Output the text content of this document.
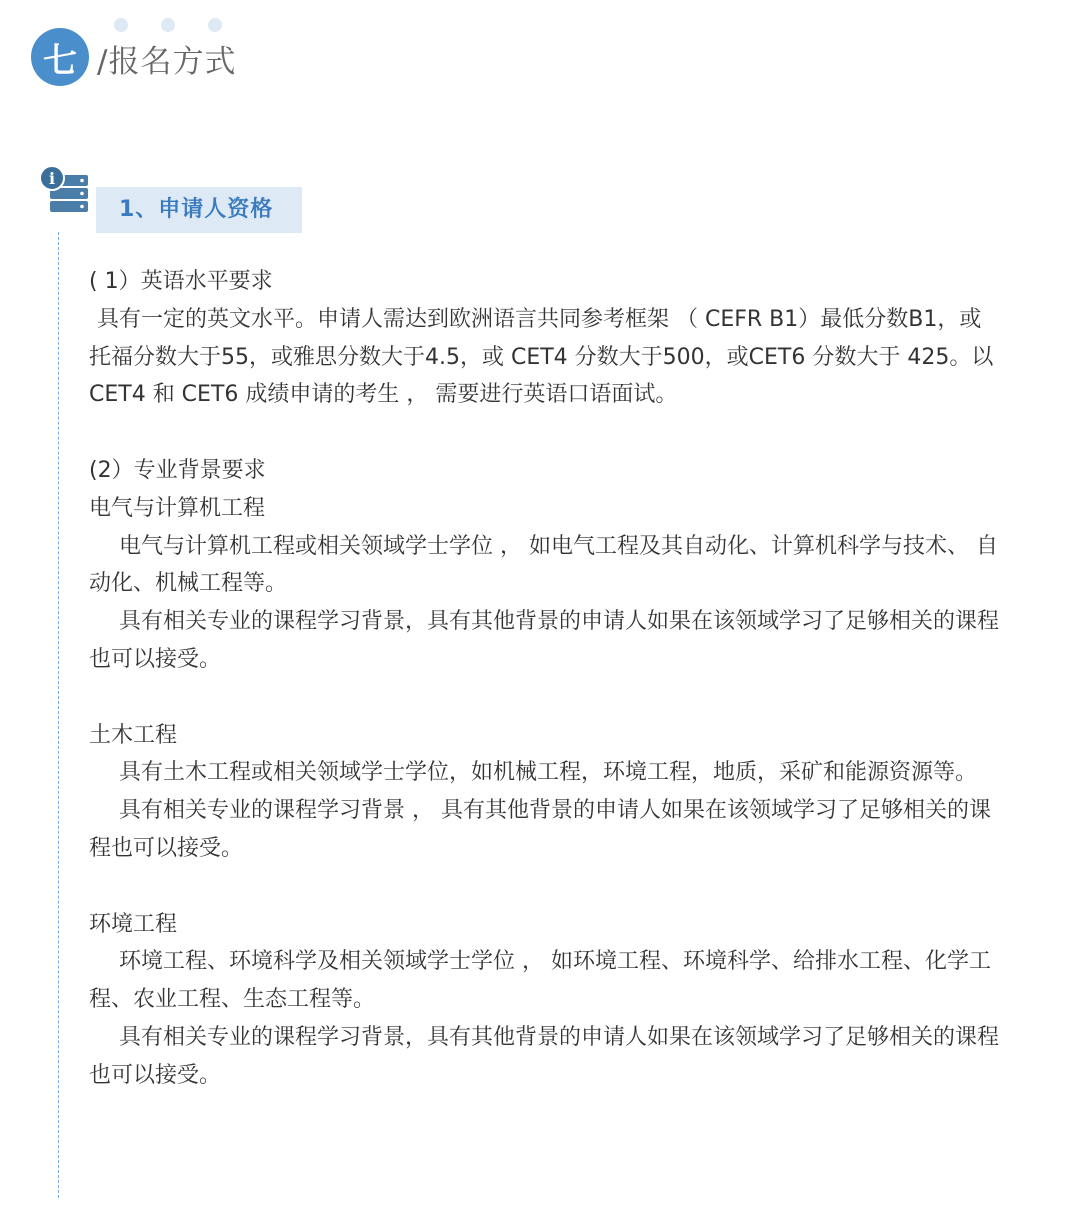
七 /报名方式
i
1、申请人资格

( 1）英语水平要求

具有一定的英文水平。申请人需达到欧洲语言共同参考框架 （ CEFR B1）最低分数B1，或托福分数大于55，或雅思分数大于4.5，或 CET4 分数大于500，或CET6 分数大于 425。以 CET4 和 CET6 成绩申请的考生 ， 需要进行英语口语面试。

(2）专业背景要求

电气与计算机工程

电气与计算机工程或相关领域学士学位 ， 如电气工程及其自动化、计算机科学与技术、 自动化、机械工程等。

具有相关专业的课程学习背景，具有其他背景的申请人如果在该领域学习了足够相关的课程也可以接受。

土木工程

具有土木工程或相关领域学士学位，如机械工程，环境工程，地质，采矿和能源资源等。

具有相关专业的课程学习背景 ， 具有其他背景的申请人如果在该领域学习了足够相关的课程也可以接受。

环境工程

环境工程、环境科学及相关领域学士学位 ， 如环境工程、环境科学、给排水工程、化学工程、农业工程、生态工程等。

具有相关专业的课程学习背景，具有其他背景的申请人如果在该领域学习了足够相关的课程也可以接受。
